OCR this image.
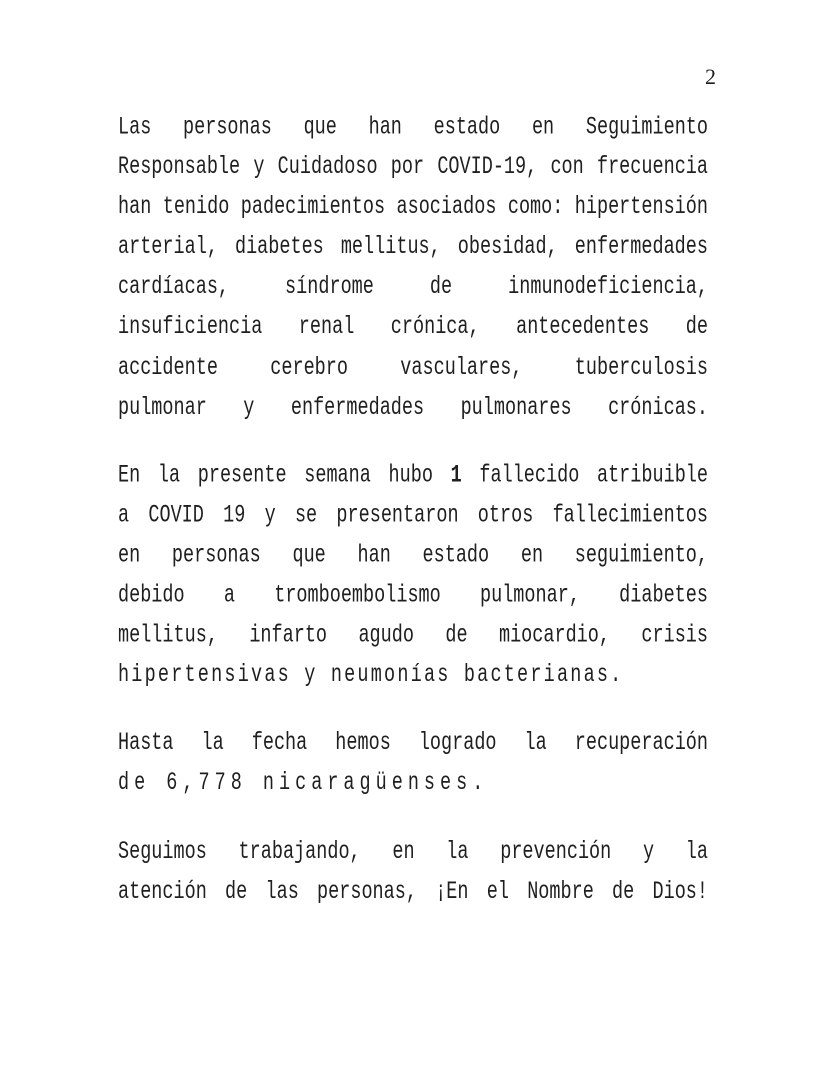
2
Las personas que han estado en Seguimiento
Responsable y Cuidadoso por COVID-19, con frecuencia
han tenido padecimientos asociados como: hipertensión
arterial, diabetes mellitus, obesidad, enfermedades
cardíacas, síndrome de inmunodeficiencia,
insuficiencia renal crónica, antecedentes de
accidente cerebro vasculares, tuberculosis
pulmonar y enfermedades pulmonares crónicas.
En la presente semana hubo 1 fallecido atribuible
a COVID 19 y se presentaron otros fallecimientos
en personas que han estado en seguimiento,
debido a tromboembolismo pulmonar, diabetes
mellitus, infarto agudo de miocardio, crisis
hipertensivas y neumonías bacterianas.
Hasta la fecha hemos logrado la recuperación
de 6,778 nicaragüenses.
Seguimos trabajando, en la prevención y la
atención de las personas, ¡En el Nombre de Dios!
